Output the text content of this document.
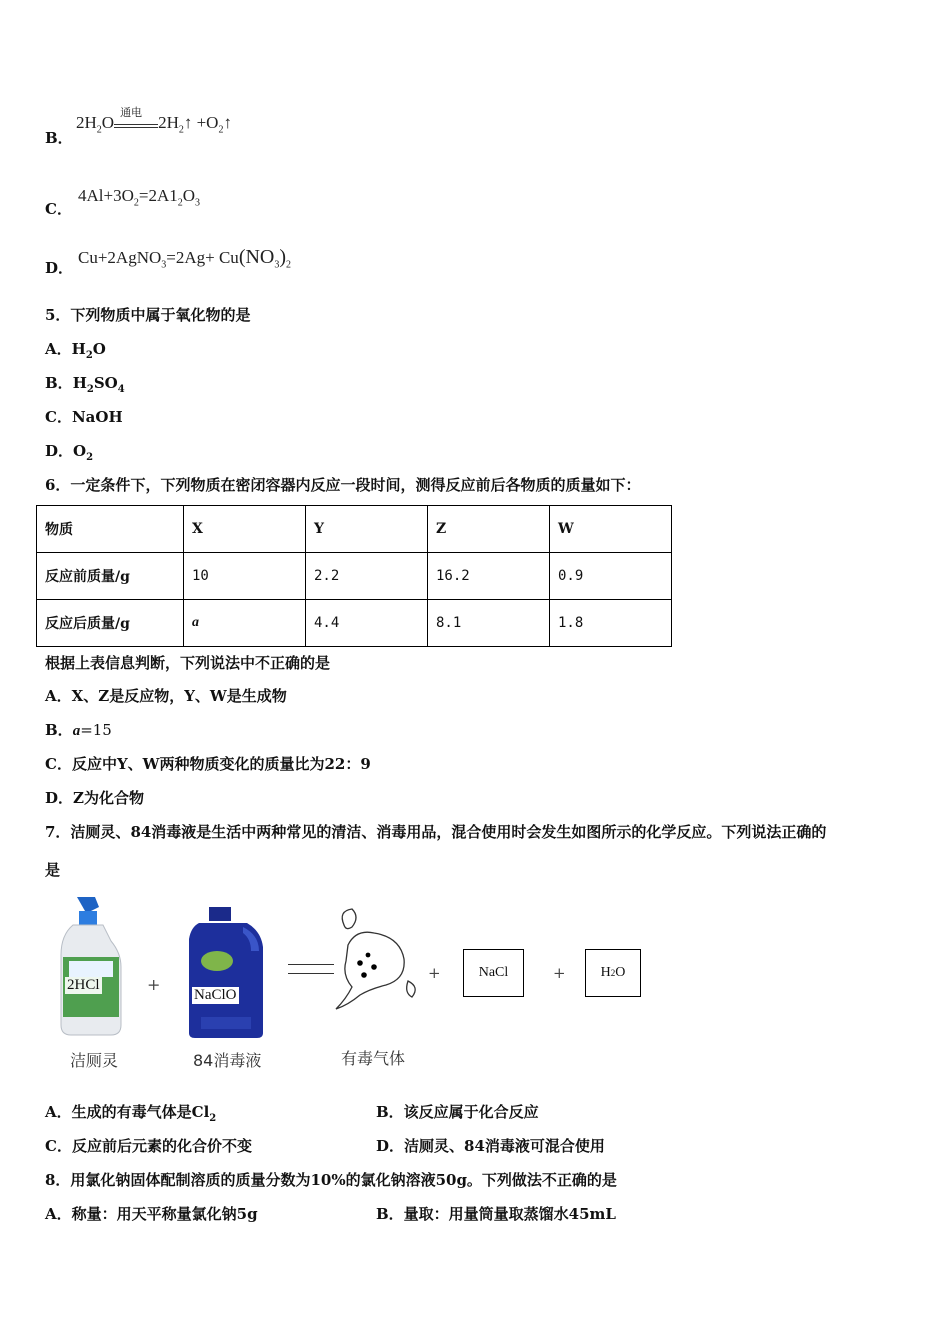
B．
$2H_2O$ 通电 $2H_2↑$ $+O_2↑$
C．
$4Al+3O_2=2A1_2O_3$
D．
Cu+2AgNO$_3$=2Ag+ $Cu(NO_3)_2$
5．下列物质中属于氧化物的是
A．$H_2O$
B．$H_2SO_4$
C．NaOH
D．$O_2$
6．一定条件下，下列物质在密闭容器内反应一段时间，测得反应前后各物质的质量如下：
物质	X	Y	Z	W
反应前质量/g	10	2.2	16.2	0.9
反应后质量/g	a	4.4	8.1	1.8
根据上表信息判断，下列说法中不正确的是
A．X、Z是反应物，Y、W是生成物
B．a=15
C．反应中Y、W两种物质变化的质量比为22：9
D．Z为化合物
7．洁厕灵、84消毒液是生活中两种常见的清洁、消毒用品，混合使用时会发生如图所示的化学反应。下列说法正确的
是
2HCl	+
NaClO
+	NaCl	+	H 2 O
洁厕灵	84消毒液	有毒气体
A．生成的有毒气体是$Cl_2$	B．该反应属于化合反应
C．反应前后元素的化合价不变	D．洁厕灵、84消毒液可混合使用
8．用氯化钠固体配制溶质的质量分数为10%的氯化钠溶液50g。下列做法不正确的是
A．称量：用天平称量氯化钠5g	B．量取：用量筒量取蒸馏水45mL
